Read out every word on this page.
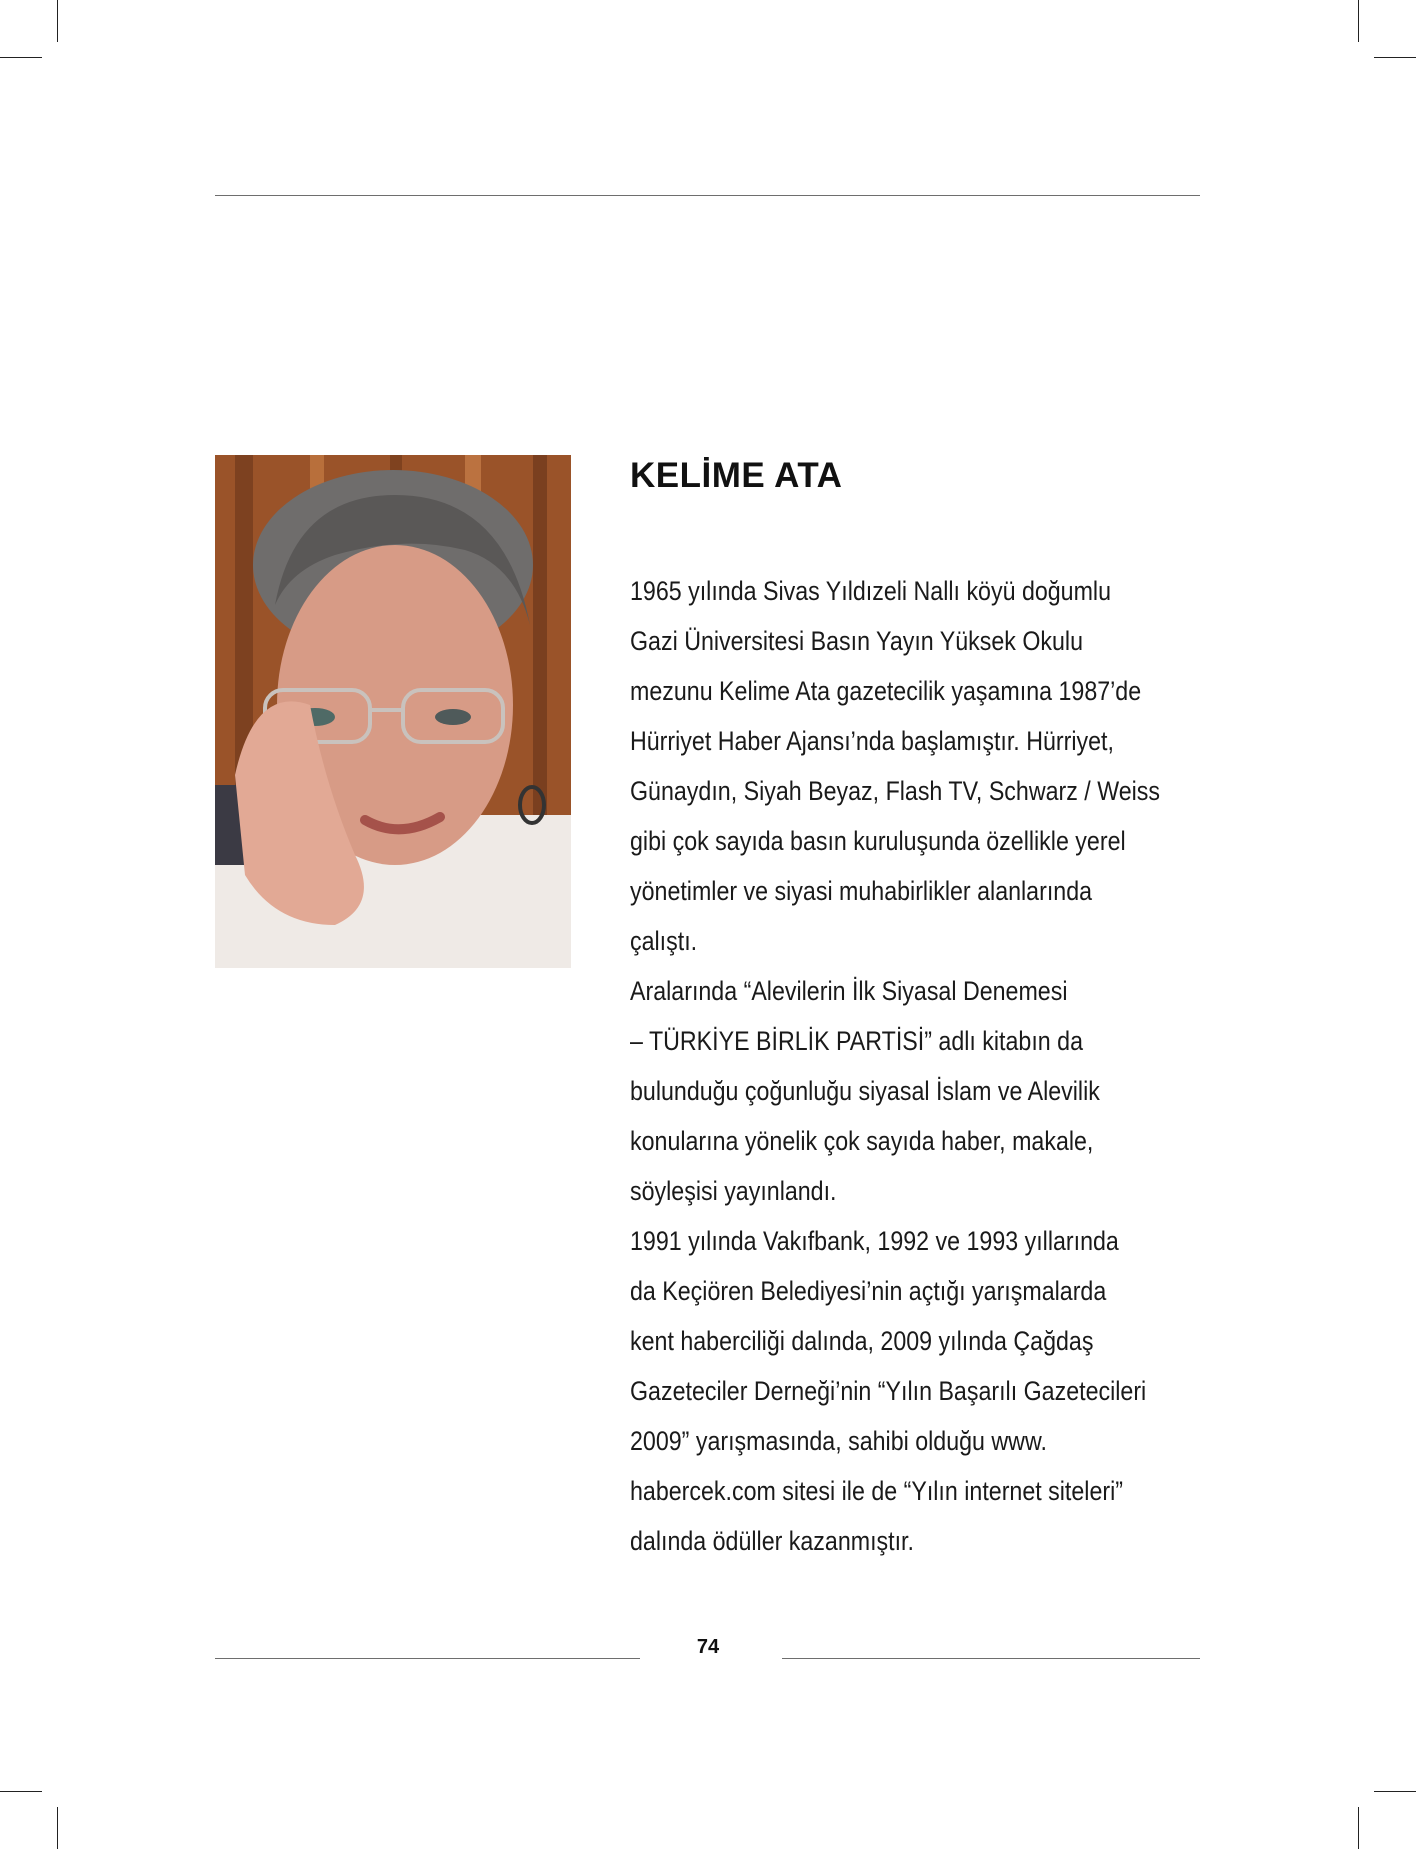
KELİME ATA
1965 yılında Sivas Yıldızeli Nallı köyü doğumlu
Gazi Üniversitesi Basın Yayın Yüksek Okulu
mezunu Kelime Ata gazetecilik yaşamına 1987’de
Hürriyet Haber Ajansı’nda başlamıştır. Hürriyet,
Günaydın, Siyah Beyaz, Flash TV, Schwarz / Weiss
gibi çok sayıda basın kuruluşunda özellikle yerel
yönetimler ve siyasi muhabirlikler alanlarında
çalıştı.
Aralarında “Alevilerin İlk Siyasal Denemesi
– TÜRKİYE BİRLİK PARTİSİ” adlı kitabın da
bulunduğu çoğunluğu siyasal İslam ve Alevilik
konularına yönelik çok sayıda haber, makale,
söyleşisi yayınlandı.
1991 yılında Vakıfbank, 1992 ve 1993 yıllarında
da Keçiören Belediyesi’nin açtığı yarışmalarda
kent haberciliği dalında, 2009 yılında Çağdaş
Gazeteciler Derneği’nin “Yılın Başarılı Gazetecileri
2009” yarışmasında, sahibi olduğu www.
habercek.com sitesi ile de “Yılın internet siteleri”
dalında ödüller kazanmıştır.
74
